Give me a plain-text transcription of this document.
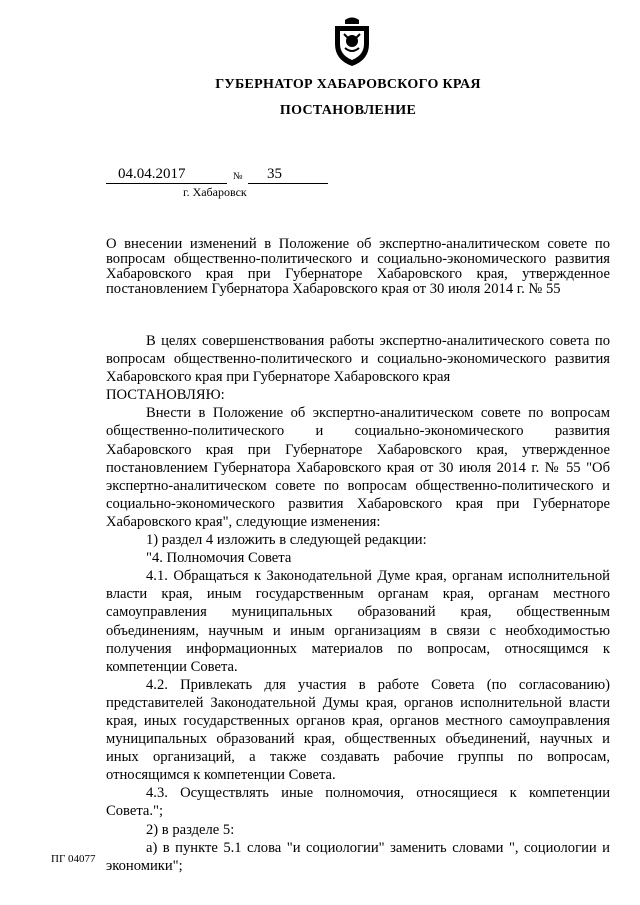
ГУБЕРНАТОР ХАБАРОВСКОГО КРАЯ
ПОСТАНОВЛЕНИЕ
04.04.2017	№ 35
г. Хабаровск
О внесении изменений в Положение об экспертно-аналитическом совете по вопросам общественно-политического и социально-экономического развития Хабаровского края при Губернаторе Хабаровского края, утвержденное постановлением Губернатора Хабаровского края от 30 июля 2014 г. № 55

В целях совершенствования работы экспертно-аналитического совета по вопросам общественно-политического и социально-экономического развития Хабаровского края при Губернаторе Хабаровского края

ПОСТАНОВЛЯЮ:

Внести в Положение об экспертно-аналитическом совете по вопросам общественно-политического и социально-экономического развития Хабаровского края при Губернаторе Хабаровского края, утвержденное постановлением Губернатора Хабаровского края от 30 июля 2014 г. № 55 "Об экспертно-аналитическом совете по вопросам общественно-политического и социально-экономического развития Хабаровского края при Губернаторе Хабаровского края", следующие изменения:

1) раздел 4 изложить в следующей редакции:

"4. Полномочия Совета

4.1. Обращаться к Законодательной Думе края, органам исполнительной власти края, иным государственным органам края, органам местного самоуправления муниципальных образований края, общественным объединениям, научным и иным организациям в связи с необходимостью получения информационных материалов по вопросам, относящимся к компетенции Совета.

4.2. Привлекать для участия в работе Совета (по согласованию) представителей Законодательной Думы края, органов исполнительной власти края, иных государственных органов края, органов местного самоуправления муниципальных образований края, общественных объединений, научных и иных организаций, а также создавать рабочие группы по вопросам, относящимся к компетенции Совета.

4.3. Осуществлять иные полномочия, относящиеся к компетенции Совета.";

2) в разделе 5:

а) в пункте 5.1 слова "и социологии" заменить словами ", социологии и экономики";

ПГ 04077
